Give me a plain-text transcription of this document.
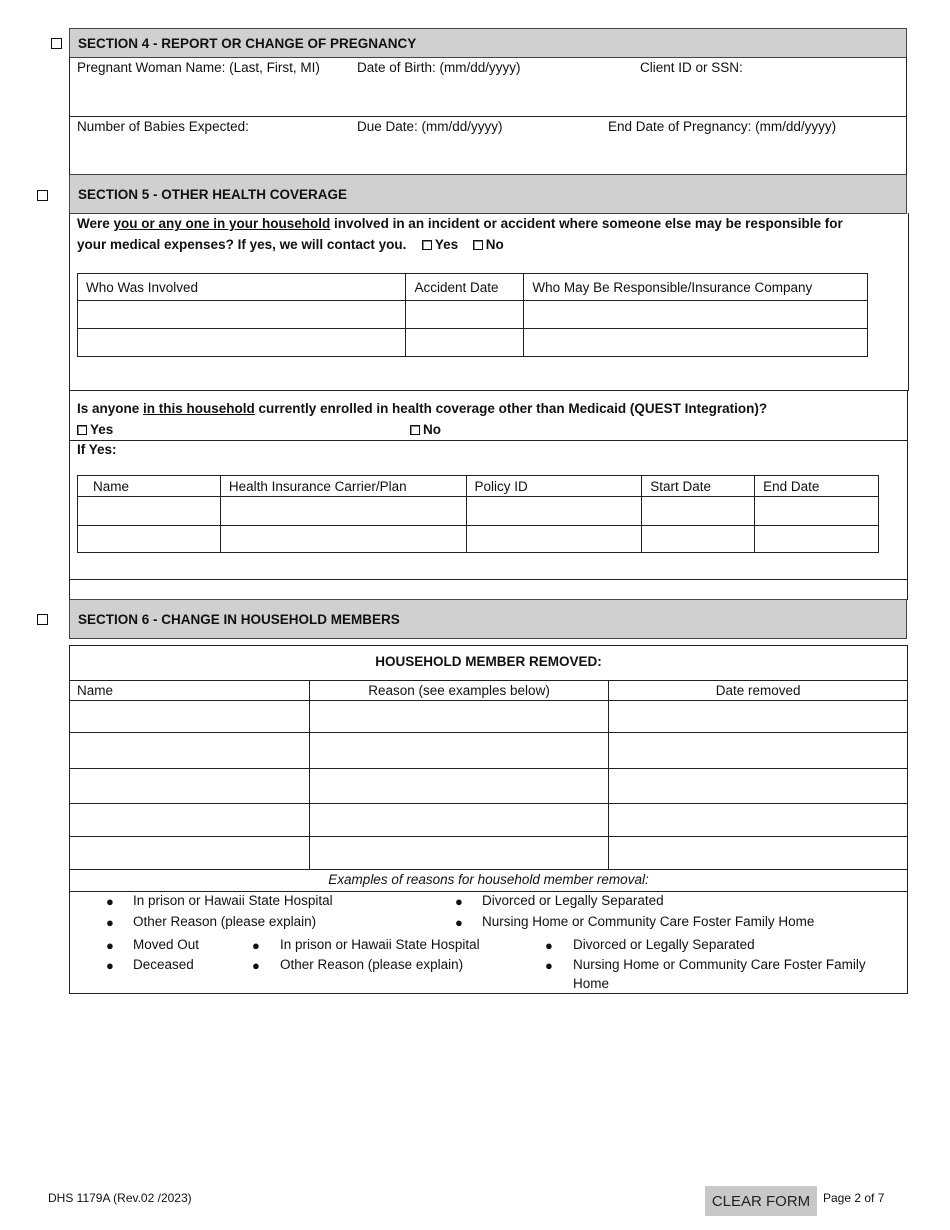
SECTION 4 - REPORT OR CHANGE OF PREGNANCY
Pregnant Woman Name: (Last, First, MI)	Date of Birth: (mm/dd/yyyy)	Client ID or SSN:
Number of Babies Expected:	Due Date: (mm/dd/yyyy)	End Date of Pregnancy: (mm/dd/yyyy)
SECTION 5 - OTHER HEALTH COVERAGE
Were you or any one in your household involved in an incident or accident where someone else may be responsible for
your medical expenses? If yes, we will contact you. Yes No
Who Was Involved	Accident Date	Who May Be Responsible/Insurance Company

Is anyone in this household currently enrolled in health coverage other than Medicaid (QUEST Integration)?
Yes	No
If Yes:
Name	Health Insurance Carrier/Plan	Policy ID	Start Date	End Date

SECTION 6 - CHANGE IN HOUSEHOLD MEMBERS
HOUSEHOLD MEMBER REMOVED:
Name	Reason (see examples below)	Date removed

Examples of reasons for household member removal:
● In prison or Hawaii State Hospital	● Divorced or Legally Separated
● Other Reason (please explain)	● Nursing Home or Community Care Foster Family Home
● Moved Out	● In prison or Hawaii State Hospital	● Divorced or Legally Separated
● Deceased	● Other Reason (please explain)	● Nursing Home or Community Care Foster Family
Home
DHS 1179A (Rev.02 /2023)	CLEAR FORM	Page 2 of 7
